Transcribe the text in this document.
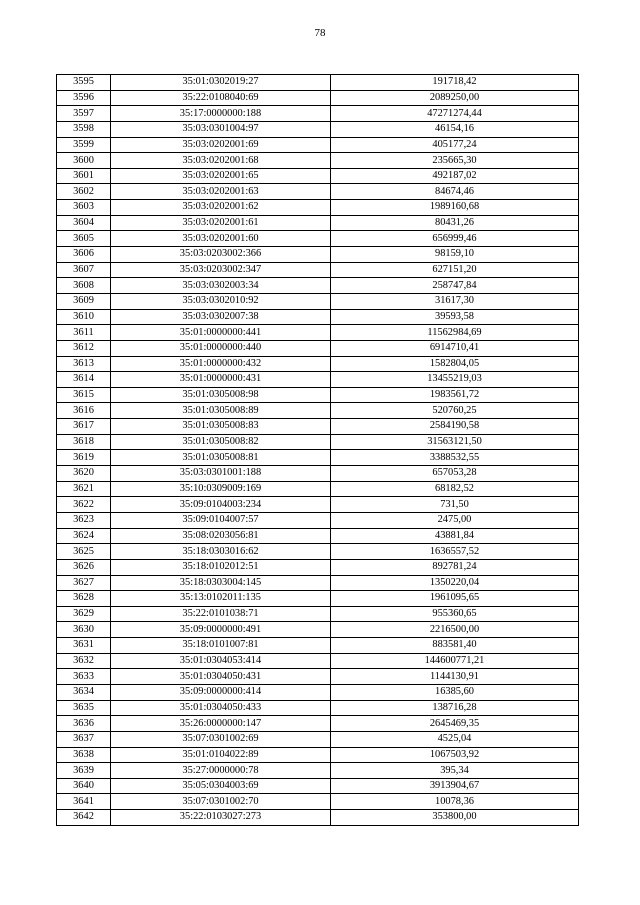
78
3595	35:01:0302019:27	191718,42
3596	35:22:0108040:69	2089250,00
3597	35:17:0000000:188	47271274,44
3598	35:03:0301004:97	46154,16
3599	35:03:0202001:69	405177,24
3600	35:03:0202001:68	235665,30
3601	35:03:0202001:65	492187,02
3602	35:03:0202001:63	84674,46
3603	35:03:0202001:62	1989160,68
3604	35:03:0202001:61	80431,26
3605	35:03:0202001:60	656999,46
3606	35:03:0203002:366	98159,10
3607	35:03:0203002:347	627151,20
3608	35:03:0302003:34	258747,84
3609	35:03:0302010:92	31617,30
3610	35:03:0302007:38	39593,58
3611	35:01:0000000:441	11562984,69
3612	35:01:0000000:440	6914710,41
3613	35:01:0000000:432	1582804,05
3614	35:01:0000000:431	13455219,03
3615	35:01:0305008:98	1983561,72
3616	35:01:0305008:89	520760,25
3617	35:01:0305008:83	2584190,58
3618	35:01:0305008:82	31563121,50
3619	35:01:0305008:81	3388532,55
3620	35:03:0301001:188	657053,28
3621	35:10:0309009:169	68182,52
3622	35:09:0104003:234	731,50
3623	35:09:0104007:57	2475,00
3624	35:08:0203056:81	43881,84
3625	35:18:0303016:62	1636557,52
3626	35:18:0102012:51	892781,24
3627	35:18:0303004:145	1350220,04
3628	35:13:0102011:135	1961095,65
3629	35:22:0101038:71	955360,65
3630	35:09:0000000:491	2216500,00
3631	35:18:0101007:81	883581,40
3632	35:01:0304053:414	144600771,21
3633	35:01:0304050:431	1144130,91
3634	35:09:0000000:414	16385,60
3635	35:01:0304050:433	138716,28
3636	35:26:0000000:147	2645469,35
3637	35:07:0301002:69	4525,04
3638	35:01:0104022:89	1067503,92
3639	35:27:0000000:78	395,34
3640	35:05:0304003:69	3913904,67
3641	35:07:0301002:70	10078,36
3642	35:22:0103027:273	353800,00
